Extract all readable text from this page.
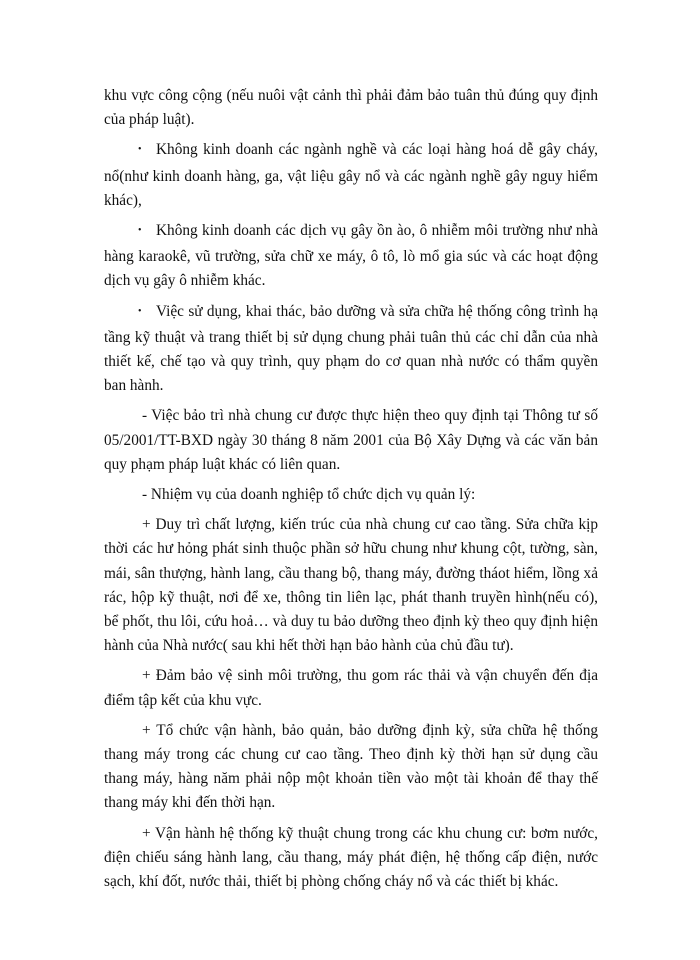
khu vực công cộng (nếu nuôi vật cảnh thì phải đảm bảo tuân thủ đúng quy định của pháp luật).

• Không kinh doanh các ngành nghề và các loại hàng hoá dễ gây cháy, nổ(như kinh doanh hàng, ga, vật liệu gây nổ và các ngành nghề gây nguy hiểm khác),

• Không kinh doanh các dịch vụ gây ồn ào, ô nhiễm môi trường như nhà hàng karaokê, vũ trường, sửa chữ xe máy, ô tô, lò mổ gia súc và các hoạt động dịch vụ gây ô nhiễm khác.

• Việc sử dụng, khai thác, bảo dưỡng và sửa chữa hệ thống công trình hạ tầng kỹ thuật và trang thiết bị sử dụng chung phải tuân thủ các chỉ dẫn của nhà thiết kế, chế tạo và quy trình, quy phạm do cơ quan nhà nước có thẩm quyền ban hành.

- Việc bảo trì nhà chung cư được thực hiện theo quy định tại Thông tư số 05/2001/TT-BXD ngày 30 tháng 8 năm 2001 của Bộ Xây Dựng và các văn bản quy phạm pháp luật khác có liên quan.

- Nhiệm vụ của doanh nghiệp tổ chức dịch vụ quản lý:

+ Duy trì chất lượng, kiến trúc của nhà chung cư cao tầng. Sửa chữa kịp thời các hư hỏng phát sinh thuộc phần sở hữu chung như khung cột, tường, sàn, mái, sân thượng, hành lang, cầu thang bộ, thang máy, đường tháot hiểm, lồng xả rác, hộp kỹ thuật, nơi để xe, thông tin liên lạc, phát thanh truyền hình(nếu có), bể phốt, thu lôi, cứu hoả… và duy tu bảo dưỡng theo định kỳ theo quy định hiện hành của Nhà nước( sau khi hết thời hạn bảo hành của chủ đầu tư).

+ Đảm bảo vệ sinh môi trường, thu gom rác thải và vận chuyển đến địa điểm tập kết của khu vực.

+ Tổ chức vận hành, bảo quản, bảo dưỡng định kỳ, sửa chữa hệ thống thang máy trong các chung cư cao tầng. Theo định kỳ thời hạn sử dụng cầu thang máy, hàng năm phải nộp một khoản tiền vào một tài khoản để thay thế thang máy khi đến thời hạn.

+ Vận hành hệ thống kỹ thuật chung trong các khu chung cư: bơm nước, điện chiếu sáng hành lang, cầu thang, máy phát điện, hệ thống cấp điện, nước sạch, khí đốt, nước thải, thiết bị phòng chống cháy nổ và các thiết bị khác.
